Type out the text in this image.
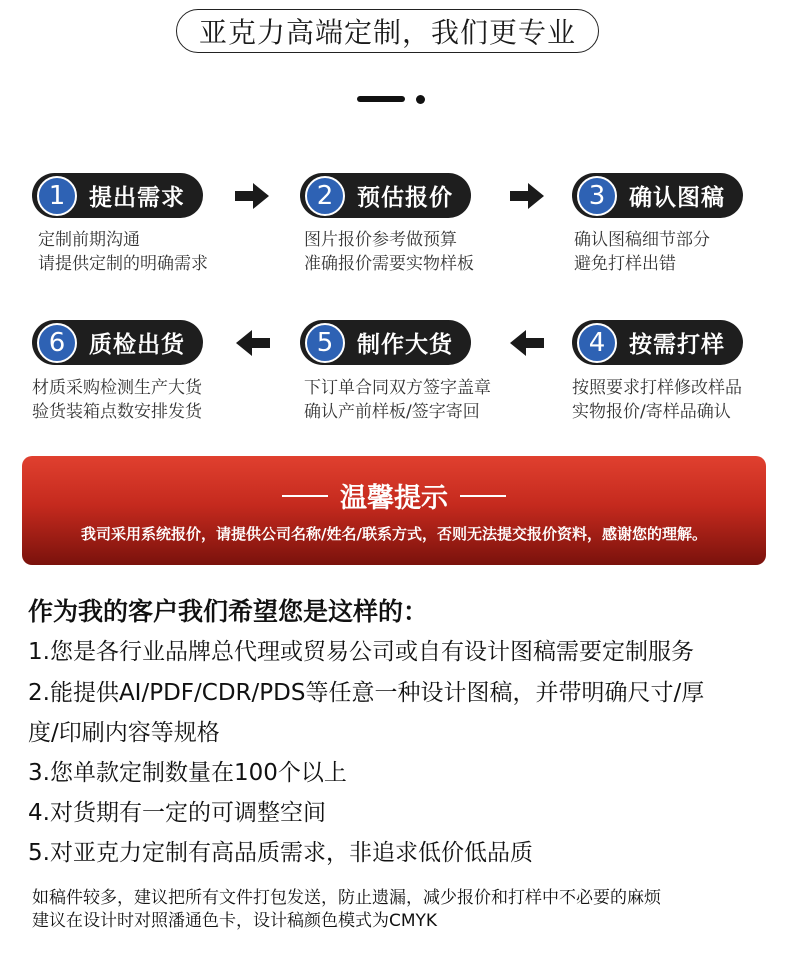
亚克力高端定制，我们更专业
1	提出需求
定制前期沟通
请提供定制的明确需求
2	预估报价
图片报价参考做预算
准确报价需要实物样板
3	确认图稿
确认图稿细节部分
避免打样出错
6	质检出货
材质采购检测生产大货
验货装箱点数安排发货
5	制作大货
下订单合同双方签字盖章
确认产前样板/签字寄回
4	按需打样
按照要求打样修改样品
实物报价/寄样品确认
温馨提示
我司采用系统报价，请提供公司名称/姓名/联系方式，否则无法提交报价资料，感谢您的理解。
作为我的客户我们希望您是这样的：
1.您是各行业品牌总代理或贸易公司或自有设计图稿需要定制服务
2.能提供AI/PDF/CDR/PDS等任意一种设计图稿，并带明确尺寸/厚
度/印刷内容等规格
3.您单款定制数量在100个以上
4.对货期有一定的可调整空间
5.对亚克力定制有高品质需求，非追求低价低品质
如稿件较多，建议把所有文件打包发送，防止遗漏，减少报价和打样中不必要的麻烦
建议在设计时对照潘通色卡，设计稿颜色模式为CMYK
